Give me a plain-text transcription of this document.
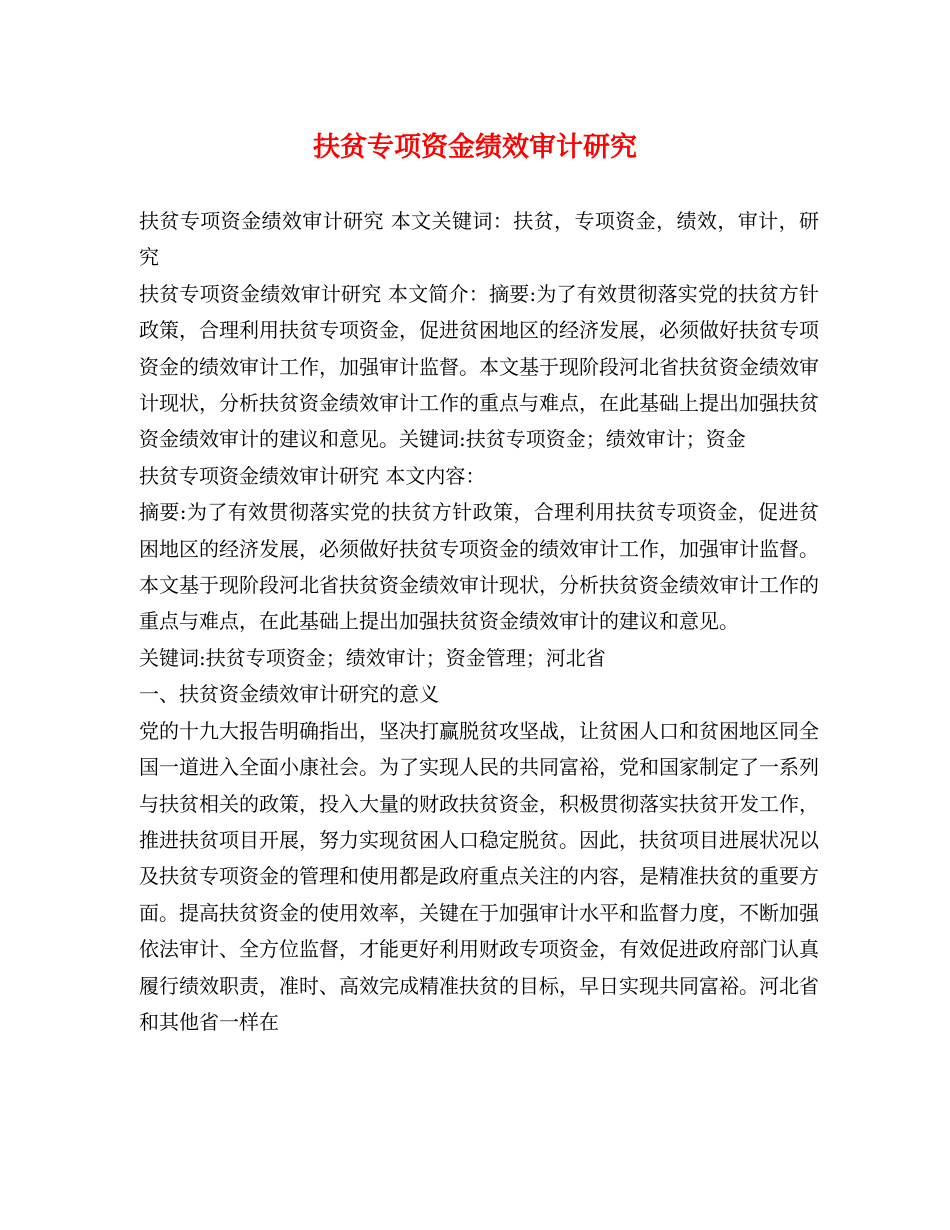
扶贫专项资金绩效审计研究

扶贫专项资金绩效审计研究 本文关键词：扶贫，专项资金，绩效，审计，研究

扶贫专项资金绩效审计研究 本文简介：摘要:为了有效贯彻落实党的扶贫方针政策，合理利用扶贫专项资金，促进贫困地区的经济发展，必须做好扶贫专项资金的绩效审计工作，加强审计监督。本文基于现阶段河北省扶贫资金绩效审计现状，分析扶贫资金绩效审计工作的重点与难点，在此基础上提出加强扶贫资金绩效审计的建议和意见。关键词:扶贫专项资金；绩效审计；资金

扶贫专项资金绩效审计研究 本文内容：

摘要:为了有效贯彻落实党的扶贫方针政策，合理利用扶贫专项资金，促进贫困地区的经济发展，必须做好扶贫专项资金的绩效审计工作，加强审计监督。本文基于现阶段河北省扶贫资金绩效审计现状，分析扶贫资金绩效审计工作的重点与难点，在此基础上提出加强扶贫资金绩效审计的建议和意见。

关键词:扶贫专项资金；绩效审计；资金管理；河北省

一、扶贫资金绩效审计研究的意义

党的十九大报告明确指出，坚决打赢脱贫攻坚战，让贫困人口和贫困地区同全国一道进入全面小康社会。为了实现人民的共同富裕，党和国家制定了一系列与扶贫相关的政策，投入大量的财政扶贫资金，积极贯彻落实扶贫开发工作，推进扶贫项目开展，努力实现贫困人口稳定脱贫。因此，扶贫项目进展状况以及扶贫专项资金的管理和使用都是政府重点关注的内容，是精准扶贫的重要方面。提高扶贫资金的使用效率，关键在于加强审计水平和监督力度，不断加强依法审计、全方位监督，才能更好利用财政专项资金，有效促进政府部门认真履行绩效职责，准时、高效完成精准扶贫的目标，早日实现共同富裕。河北省和其他省一样在
